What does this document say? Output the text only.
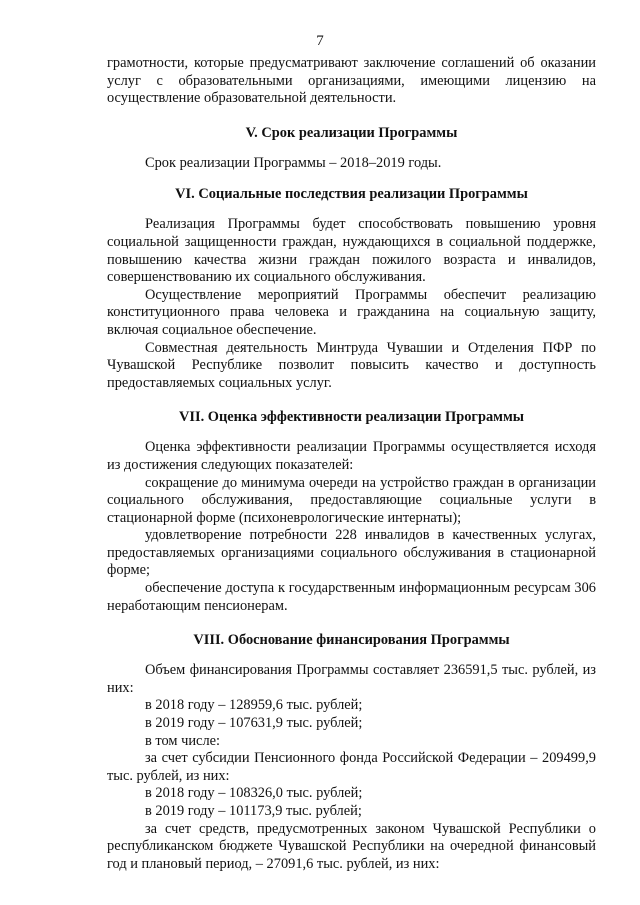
7

грамотности, которые предусматривают заключение соглашений об оказании услуг с образовательными организациями, имеющими лицензию на осуществление образовательной деятельности.

V. Срок реализации Программы

Срок реализации Программы – 2018–2019 годы.

VI. Социальные последствия реализации Программы

Реализация Программы будет способствовать повышению уровня социальной защищенности граждан, нуждающихся в социальной поддержке, повышению качества жизни граждан пожилого возраста и инвалидов, совершенствованию их социального обслуживания.

Осуществление мероприятий Программы обеспечит реализацию конституционного права человека и гражданина на социальную защиту, включая социальное обеспечение.

Совместная деятельность Минтруда Чувашии и Отделения ПФР по Чувашской Республике позволит повысить качество и доступность предоставляемых социальных услуг.

VII. Оценка эффективности реализации Программы

Оценка эффективности реализации Программы осуществляется исходя из достижения следующих показателей:

сокращение до минимума очереди на устройство граждан в организации социального обслуживания, предоставляющие социальные услуги в стационарной форме (психоневрологические интернаты);

удовлетворение потребности 228 инвалидов в качественных услугах, предоставляемых организациями социального обслуживания в стационарной форме;

обеспечение доступа к государственным информационным ресурсам 306 неработающим пенсионерам.

VIII. Обоснование финансирования Программы

Объем финансирования Программы составляет 236591,5 тыс. рублей, из них:

в 2018 году – 128959,6 тыс. рублей;

в 2019 году – 107631,9 тыс. рублей;

в том числе:

за счет субсидии Пенсионного фонда Российской Федерации – 209499,9 тыс. рублей, из них:

в 2018 году – 108326,0 тыс. рублей;

в 2019 году – 101173,9 тыс. рублей;

за счет средств, предусмотренных законом Чувашской Республики о республиканском бюджете Чувашской Республики на очередной финансовый год и плановый период, – 27091,6 тыс. рублей, из них:
